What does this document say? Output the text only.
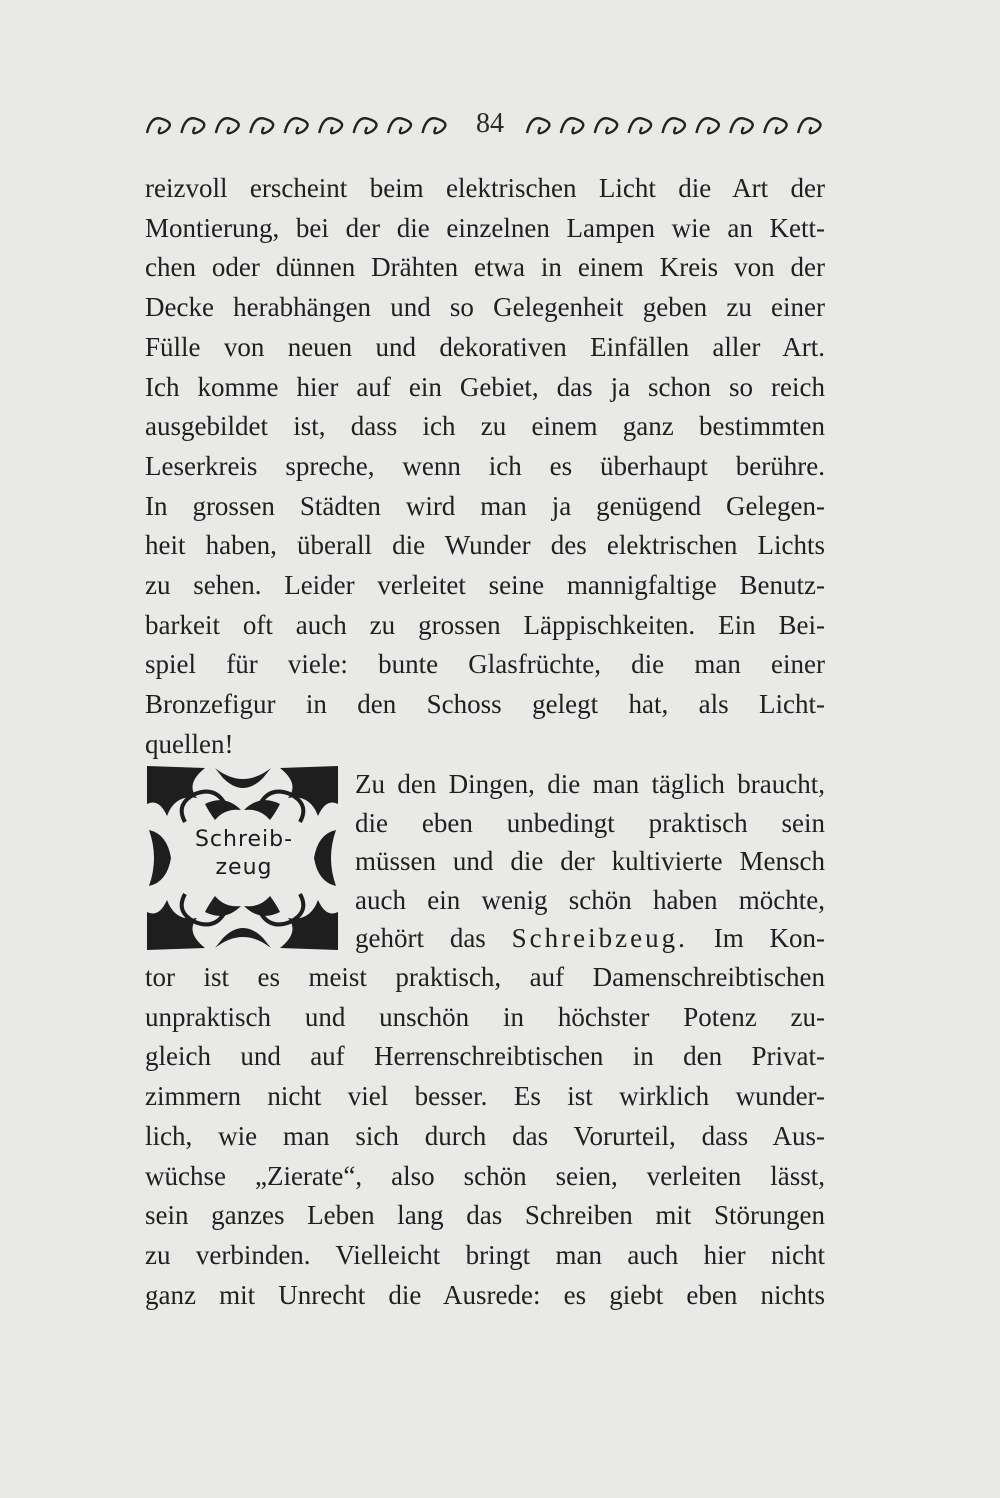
84
reizvoll erscheint beim elektrischen Licht die Art der
Montierung, bei der die einzelnen Lampen wie an Kett-
chen oder dünnen Drähten etwa in einem Kreis von der
Decke herabhängen und so Gelegenheit geben zu einer
Fülle von neuen und dekorativen Einfällen aller Art.
Ich komme hier auf ein Gebiet, das ja schon so reich
ausgebildet ist, dass ich zu einem ganz bestimmten
Leserkreis spreche, wenn ich es überhaupt berühre.
In grossen Städten wird man ja genügend Gelegen-
heit haben, überall die Wunder des elektrischen Lichts
zu sehen. Leider verleitet seine mannigfaltige Benutz-
barkeit oft auch zu grossen Läppischkeiten. Ein Bei-
spiel für viele: bunte Glasfrüchte, die man einer
Bronzefigur in den Schoss gelegt hat, als Licht-
quellen!
Schreib-
zeug
Zu den Dingen, die man täglich braucht,
die eben unbedingt praktisch sein
müssen und die der kultivierte Mensch
auch ein wenig schön haben möchte,
gehört das Schreibzeug. Im Kon-
tor ist es meist praktisch, auf Damenschreibtischen
unpraktisch und unschön in höchster Potenz zu-
gleich und auf Herrenschreibtischen in den Privat-
zimmern nicht viel besser. Es ist wirklich wunder-
lich, wie man sich durch das Vorurteil, dass Aus-
wüchse „Zierate“, also schön seien, verleiten lässt,
sein ganzes Leben lang das Schreiben mit Störungen
zu verbinden. Vielleicht bringt man auch hier nicht
ganz mit Unrecht die Ausrede: es giebt eben nichts
